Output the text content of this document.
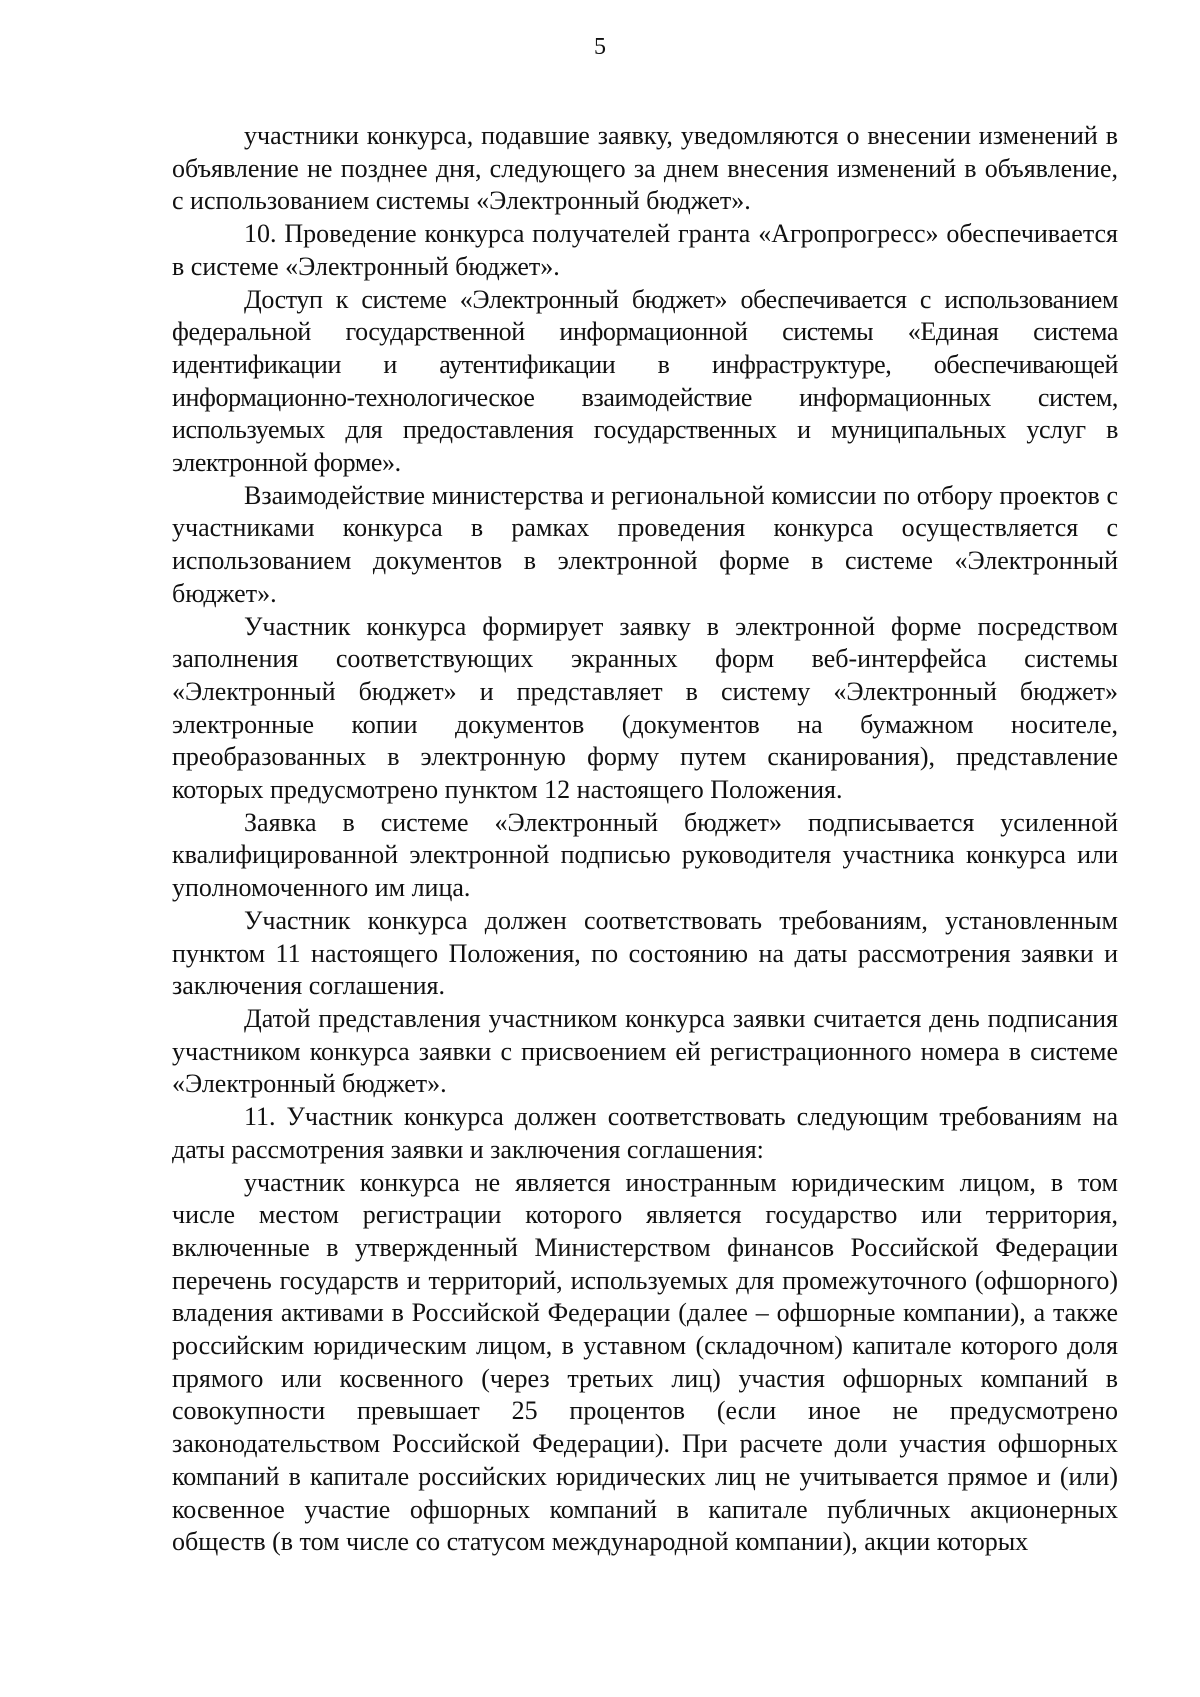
5

участники конкурса, подавшие заявку, уведомляются о внесении изменений в объявление не позднее дня, следующего за днем внесения изменений в объявление, с использованием системы «Электронный бюджет».

10. Проведение конкурса получателей гранта «Агропрогресс» обеспечивается в системе «Электронный бюджет».

Доступ к системе «Электронный бюджет» обеспечивается с использованием федеральной государственной информационной системы «Единая система идентификации и аутентификации в инфраструктуре, обеспечивающей информационно-технологическое взаимодействие информационных систем, используемых для предоставления государственных и муниципальных услуг в электронной форме».

Взаимодействие министерства и региональной комиссии по отбору проектов с участниками конкурса в рамках проведения конкурса осуществляется с использованием документов в электронной форме в системе «Электронный бюджет».

Участник конкурса формирует заявку в электронной форме посредством заполнения соответствующих экранных форм веб-интерфейса системы «Электронный бюджет» и представляет в систему «Электронный бюджет» электронные копии документов (документов на бумажном носителе, преобразованных в электронную форму путем сканирования), представление которых предусмотрено пунктом 12 настоящего Положения.

Заявка в системе «Электронный бюджет» подписывается усиленной квалифицированной электронной подписью руководителя участника конкурса или уполномоченного им лица.

Участник конкурса должен соответствовать требованиям, установленным пунктом 11 настоящего Положения, по состоянию на даты рассмотрения заявки и заключения соглашения.

Датой представления участником конкурса заявки считается день подписания участником конкурса заявки с присвоением ей регистрационного номера в системе «Электронный бюджет».

11. Участник конкурса должен соответствовать следующим требованиям на даты рассмотрения заявки и заключения соглашения:

участник конкурса не является иностранным юридическим лицом, в том числе местом регистрации которого является государство или территория, включенные в утвержденный Министерством финансов Российской Федерации перечень государств и территорий, используемых для промежуточного (офшорного) владения активами в Российской Федерации (далее – офшорные компании), а также российским юридическим лицом, в уставном (складочном) капитале которого доля прямого или косвенного (через третьих лиц) участия офшорных компаний в совокупности превышает 25 процентов (если иное не предусмотрено законодательством Российской Федерации). При расчете доли участия офшорных компаний в капитале российских юридических лиц не учитывается прямое и (или) косвенное участие офшорных компаний в капитале публичных акционерных обществ (в том числе со статусом международной компании), акции которых
